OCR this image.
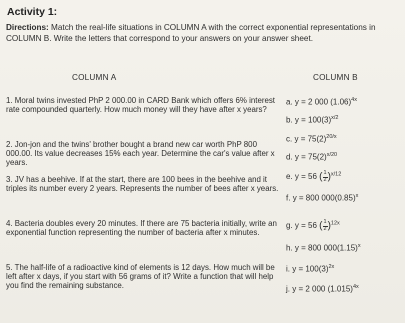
Activity 1:
Directions: Match the real-life situations in COLUMN A with the correct exponential representations in COLUMN B. Write the letters that correspond to your answers on your answer sheet.
COLUMN A	COLUMN B
1. Moral twins invested PhP 2 000.00 in CARD Bank which offers 6% interest rate compounded quarterly. How much money will they have after x years?
2. Jon-jon and the twins' brother bought a brand new car worth PhP 800 000.00. Its value decreases 15% each year. Determine the car's value after x years.
3. JV has a beehive. If at the start, there are 100 bees in the beehive and it triples its number every 2 years. Represents the number of bees after x years.
4. Bacteria doubles every 20 minutes. If there are 75 bacteria initially, write an exponential function representing the number of bacteria after x minutes.
5. The half-life of a radioactive kind of elements is 12 days. How much will be left after x days, if you start with 56 grams of it? Write a function that will help you find the remaining substance.
a. y = 2 000 $(1.06)^{4x}$
b. $y = 100(3)^{x/2}$
c. $y = 75(2)^{20/x}$
d. $y = 75(2)^{x/20}$
e. y = 56 ( $\frac{1}{2} )^{x/12}$
f. y = 800 $000(0.85)^x$
g. y = 56 ( $\frac{1}{2} )^{12x}$
h. y = 800 $000(1.15)^x$
i. $y = 100(3)^{2x}$
j. y = 2 000 $(1.015)^{4x}$
